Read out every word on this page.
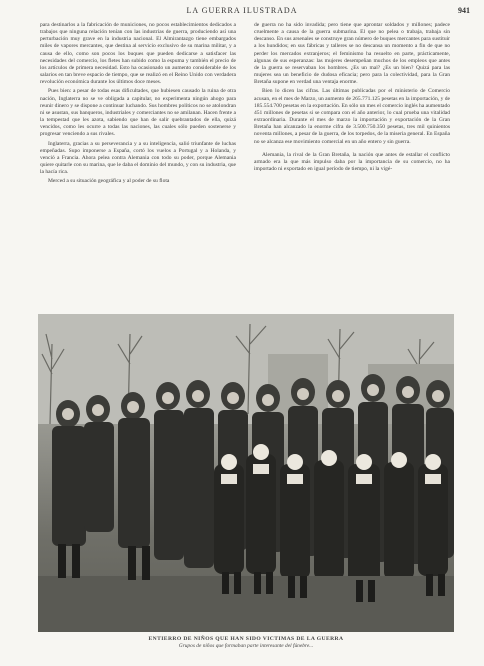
LA GUERRA ILUSTRADA	941

para destinarlos a la fabricación de municiones, no pocos establecimientos dedicados a trabajos que ninguna relación tenían con las industrias de guerra, produciendo así una perturbación muy grave en la industria nacional. El Almirantazgo tiene embargados miles de vapores mercantes, que destina al servicio exclusivo de su marina militar, y a causa de ello, como son pocos los buques que pueden dedicarse a satisfacer las necesidades del comercio, los fletes han subido como la espuma y también el precio de los artículos de primera necesidad. Esto ha ocasionado un aumento considerable de los salarios en tan breve espacio de tiempo, que se realizó en el Reino Unido con verdadera revolución económica durante los últimos doce meses.

Pues bien: a pesar de todas esas dificultades, que hubiesen causado la ruina de otra nación, Inglaterra no se ve obligada a capitular, no experimenta ningún ahogo para reunir dinero y se dispone a continuar luchando. Sus hombres políticos no se atolondran ni se asustan, sus banqueros, industriales y comerciantes no se amilanan. Hacen frente a la tempestad que les azota, sabiendo que han de salir quebrantados de ella, quizá vencidos, como les ocurre a todas las naciones, las cuales sólo pueden sostenerse y progresar venciendo a sus rivales.

Inglaterra, gracias a su perseverancia y a su inteligencia, salió triunfante de luchas empeñadas. Supo imponerse a España, cortó los vuelos a Portugal y a Holanda, y venció a Francia. Ahora pelea contra Alemania con todo su poder, porque Alemania quiere quitarle con su marina, que le daba el dominio del mundo, y con su industria, que la hacía rica.

Merced a su situación geográfica y al poder de su flota

de guerra no ha sido invadida; pero tiene que aprontar soldados y millones; padece cruelmente a causa de la guerra submarina. El que no pelea o trabaja, trabaja sin descanso. En sus arsenales se construye gran número de buques mercantes para sustituir a los hundidos; en sus fábricas y talleres se no descansa un momento a fin de que no perder los mercados extranjeros; el feminismo ha resuelto en parte, prácticamente, algunas de sus esperanzas: las mujeres desempeñan muchos de los empleos que antes de la guerra se reservaban los hombres. ¿Es un mal? ¿Es un bien? Quizá para las mujeres sea un beneficio de dudosa eficacia; pero para la colectividad, para la Gran Bretaña supone en verdad una ventaja enorme.

Bien lo dicen las cifras. Las últimas publicadas por el ministerio de Comercio acusan, en el mes de Marzo, un aumento de 265.771.125 pesetas en la importación, y de 185.554.700 pesetas en la exportación. En sólo un mes el comercio inglés ha aumentado 451 millones de pesetas si se compara con el año anterior, lo cual prueba una vitalidad extraordinaria. Durante el mes de marzo la importación y exportación de la Gran Bretaña han alcanzado la enorme cifra de 3.500.750.350 pesetas, tres mil quinientos noventa millones, a pesar de la guerra, de los torpedos, de la miseria general. En España no se alcanza ese movimiento comercial en un año entero y sin guerra.

Alemania, la rival de la Gran Bretaña, la nación que antes de estallar el conflicto armado era la que más impulso daba por la importancia de su comercio, no ha importado ni exportado en igual período de tiempo, ni la vigé-

ENTIERRO DE NIÑOS QUE HAN SIDO VICTIMAS DE LA GUERRA
Grupos de niños que formaban parte interesante del fúnebre...
